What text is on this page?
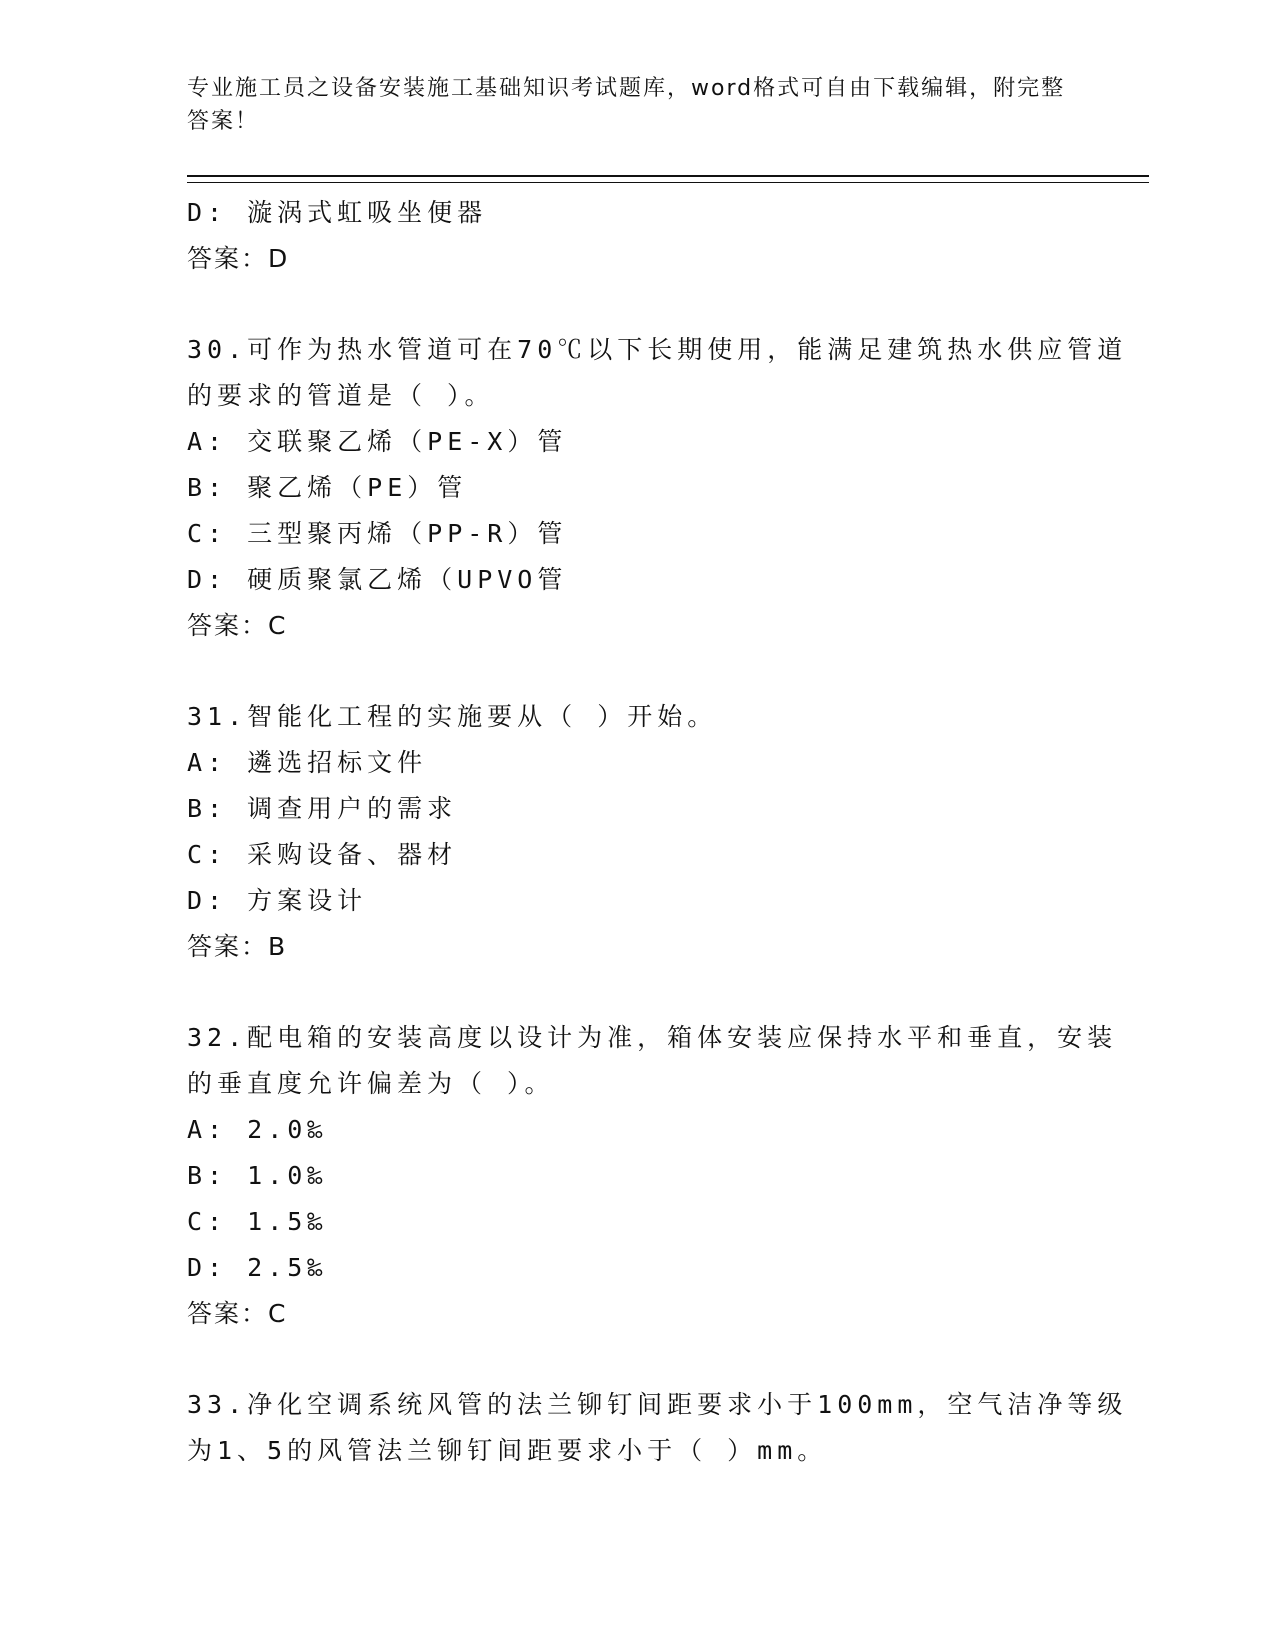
专业施工员之设备安装施工基础知识考试题库，word格式可自由下载编辑，附完整答案！
D: 漩涡式虹吸坐便器
答案：D
30.可作为热水管道可在70℃以下长期使用，能满足建筑热水供应管道
的要求的管道是（ ）。
A: 交联聚乙烯（PE-X）管
B: 聚乙烯（PE）管
C: 三型聚丙烯（PP-R）管
D: 硬质聚氯乙烯（UPVO管
答案：C
31.智能化工程的实施要从（ ）开始。
A: 遴选招标文件
B: 调查用户的需求
C: 采购设备、器材
D: 方案设计
答案：B
32.配电箱的安装高度以设计为准，箱体安装应保持水平和垂直，安装
的垂直度允许偏差为（ ）。
A: 2.0‰
B: 1.0‰
C: 1.5‰
D: 2.5‰
答案：C
33.净化空调系统风管的法兰铆钉间距要求小于100mm，空气洁净等级
为1、5的风管法兰铆钉间距要求小于（ ）mm。
